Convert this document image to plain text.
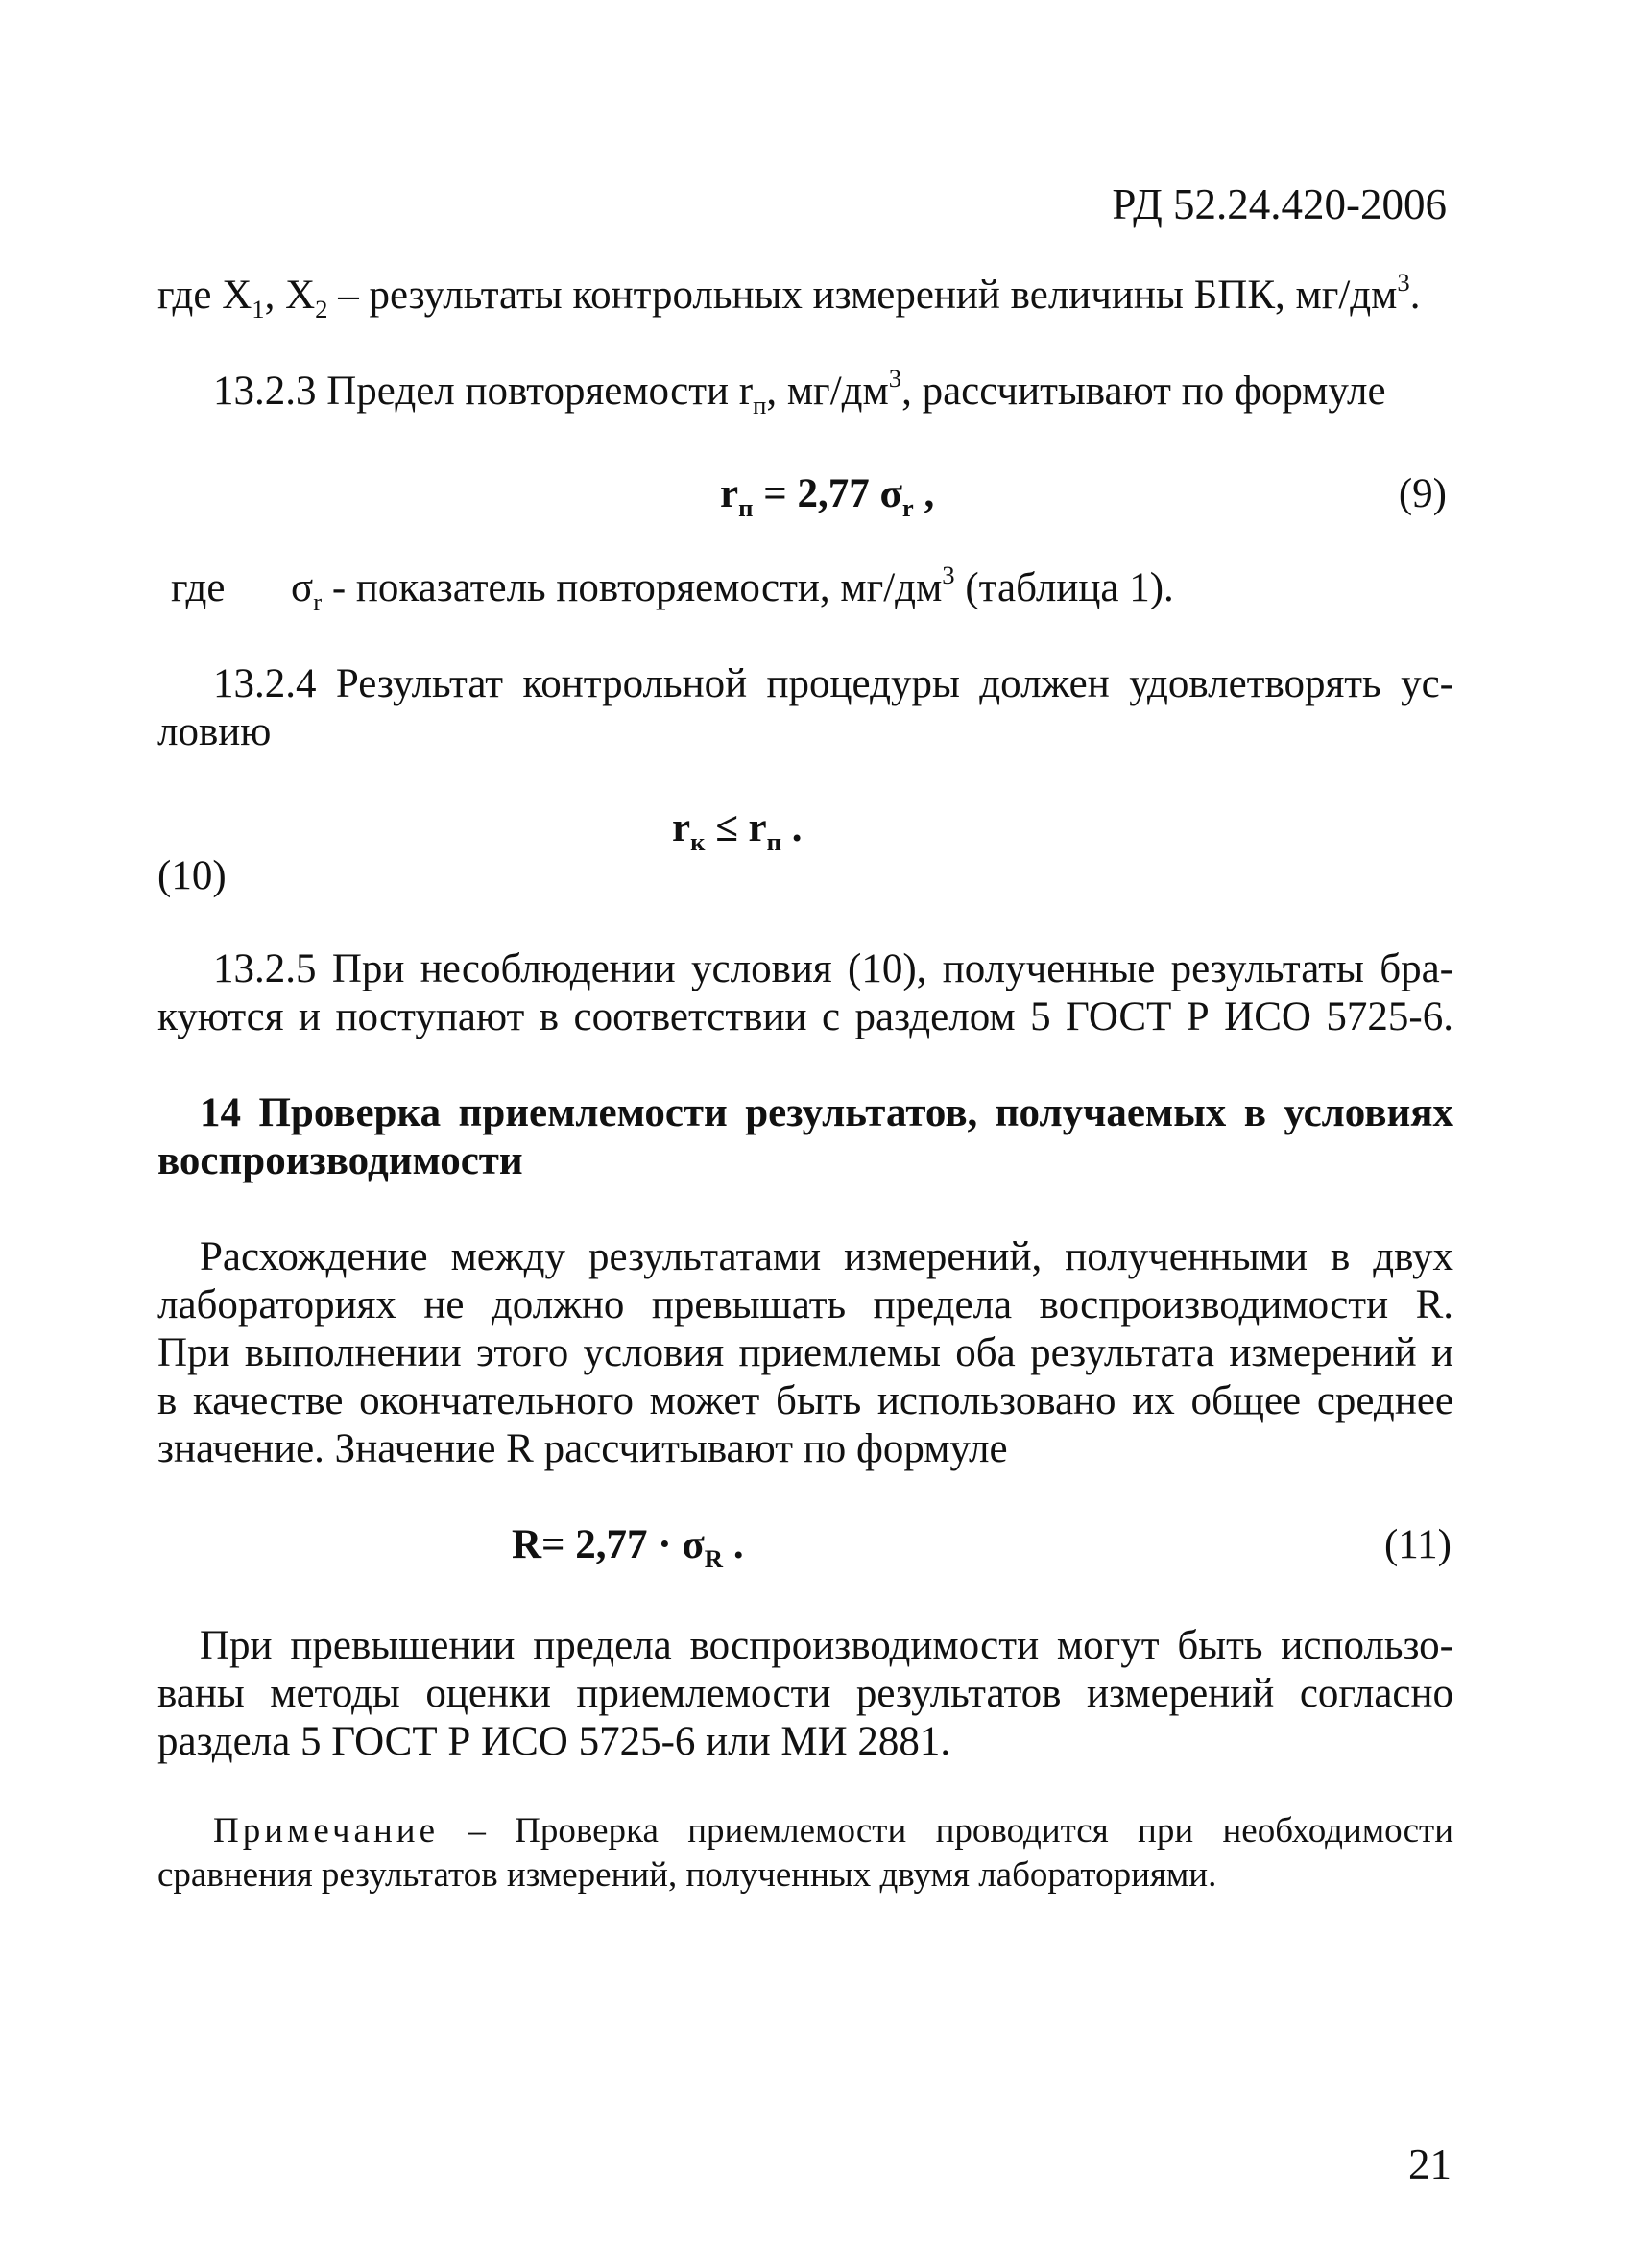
РД 52.24.420-2006
где $X_1$, $X_2$ – результаты контрольных измерений величины БПК, $мг/дм^3$.
13.2.3 Предел повторяемости $r_п$, $мг/дм^3$, рассчитывают по формуле
$r_п = 2,77$ $\sigma_r$ ,	(9)
где $\sigma_r$ - показатель повторяемости, $мг/дм^3$ (таблица 1).
13.2.4 Результат контрольной процедуры должен удовлетворять ус-
ловию
$r_к \le r_п$ .
(10)
13.2.5 При несоблюдении условия (10), полученные результаты бра-
куются и поступают в соответствии с разделом 5 ГОСТ Р ИСО 5725-6.
14 Проверка приемлемости результатов, получаемых в условиях
воспроизводимости
Расхождение между результатами измерений, полученными в двух
лабораториях не должно превышать предела воспроизводимости R.
При выполнении этого условия приемлемы оба результата измерений и
в качестве окончательного может быть использовано их общее среднее
значение. Значение R рассчитывают по формуле
$R= 2,77 \cdot \sigma_R$ .	(11)
При превышении предела воспроизводимости могут быть использо-
ваны методы оценки приемлемости результатов измерений согласно
раздела 5 ГОСТ Р ИСО 5725-6 или МИ 2881.
Примечание – Проверка приемлемости проводится при необходимости
сравнения результатов измерений, полученных двумя лабораториями.
21
